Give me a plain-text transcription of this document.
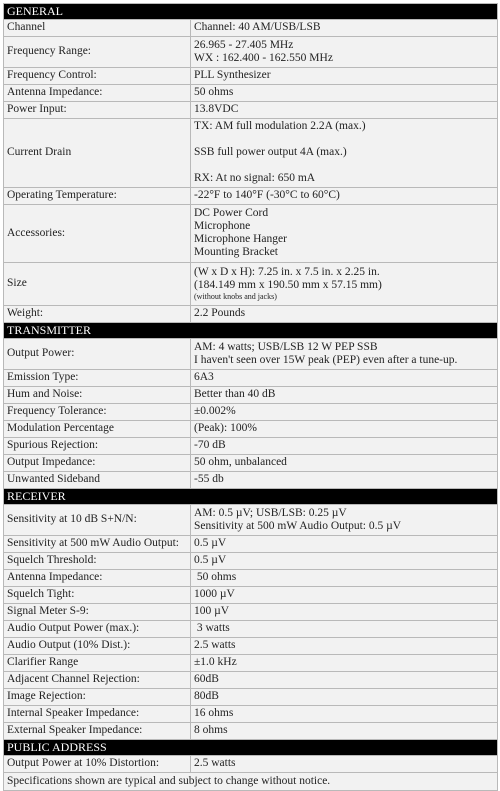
GENERAL	
Channel	Channel: 40 AM/USB/LSB
Frequency Range:	26.965 - 27.405 MHz
WX : 162.400 - 162.550 MHz

Frequency Control:	PLL Synthesizer
Antenna Impedance:	50 ohms
Power Input:	13.8VDC
Current Drain	TX: AM full modulation 2.2A (max.)
SSB full power output 4A (max.)
RX: At no signal: 650 mA

Operating Temperature:	-22°F to 140°F (-30°C to 60°C)
Accessories:	DC Power Cord
Microphone
Microphone Hanger
Mounting Bracket

Size	(W x D x H): 7.25 in. x 7.5 in. x 2.25 in.
(184.149 mm x 190.50 mm x 57.15 mm)
(without knobs and jacks)

Weight:	2.2 Pounds
TRANSMITTER	
Output Power:	AM: 4 watts; USB/LSB 12 W PEP SSB
I haven't seen over 15W peak (PEP) even after a tune-up.

Emission Type:	6A3
Hum and Noise:	Better than 40 dB
Frequency Tolerance:	±0.002%
Modulation Percentage	(Peak): 100%
Spurious Rejection:	-70 dB
Output Impedance:	50 ohm, unbalanced
Unwanted Sideband	-55 db
RECEIVER	
Sensitivity at 10 dB S+N/N:	AM: 0.5 µV; USB/LSB: 0.25 µV
Sensitivity at 500 mW Audio Output: 0.5 µV

Sensitivity at 500 mW Audio Output:	0.5 µV
Squelch Threshold:	0.5 µV
Antenna Impedance:	50 ohms
Squelch Tight:	1000 µV
Signal Meter S-9:	100 µV
Audio Output Power (max.):	3 watts
Audio Output (10% Dist.):	2.5 watts
Clarifier Range	±1.0 kHz
Adjacent Channel Rejection:	60dB
Image Rejection:	80dB
Internal Speaker Impedance:	16 ohms
External Speaker Impedance:	8 ohms
PUBLIC ADDRESS	
Output Power at 10% Distortion:	2.5 watts
Specifications shown are typical and subject to change without notice.	
